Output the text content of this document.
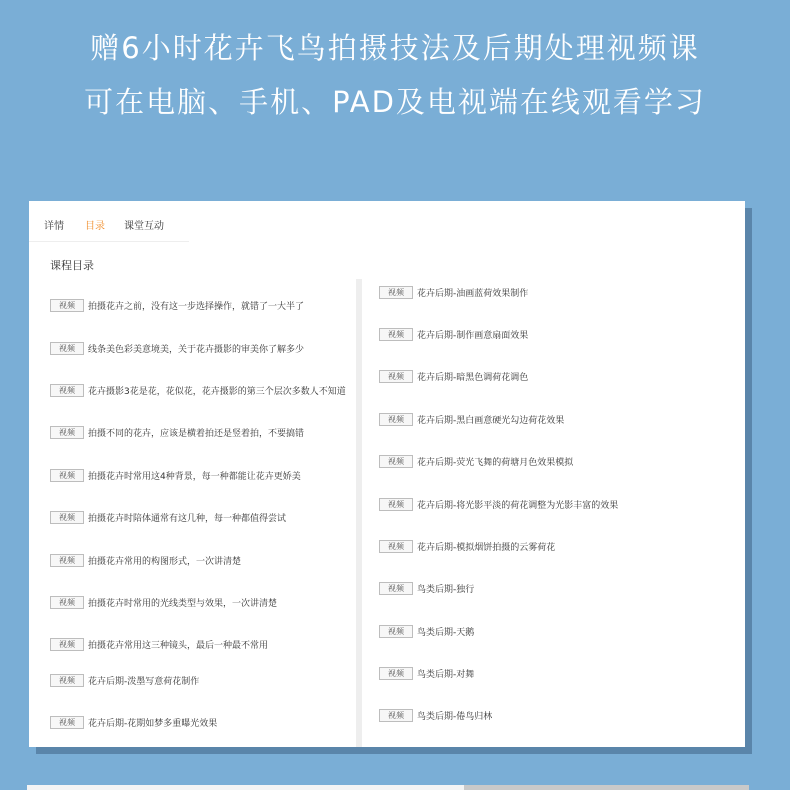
赠6小时花卉飞鸟拍摄技法及后期处理视频课
可在电脑、手机、PAD及电视端在线观看学习
详情 目录 课堂互动
课程目录
视频	拍摄花卉之前，没有这一步选择操作，就错了一大半了
视频	线条美色彩美意境美，关于花卉摄影的审美你了解多少
视频	花卉摄影3花是花，花似花，花卉摄影的第三个层次多数人不知道
视频	拍摄不同的花卉，应该是横着拍还是竖着拍，不要搞错
视频	拍摄花卉时常用这4种背景，每一种都能让花卉更娇美
视频	拍摄花卉时陪体通常有这几种，每一种都值得尝试
视频	拍摄花卉常用的构图形式，一次讲清楚
视频	拍摄花卉时常用的光线类型与效果，一次讲清楚
视频	拍摄花卉常用这三种镜头，最后一种最不常用
视频	花卉后期-泼墨写意荷花制作
视频	花卉后期-花期如梦多重曝光效果
视频	花卉后期-油画蓝荷效果制作
视频	花卉后期-制作画意扇面效果
视频	花卉后期-暗黑色调荷花调色
视频	花卉后期-黑白画意硬光勾边荷花效果
视频	花卉后期-荧光飞舞的荷塘月色效果模拟
视频	花卉后期-将光影平淡的荷花调整为光影丰富的效果
视频	花卉后期-模拟烟饼拍摄的云雾荷花
视频	鸟类后期-独行
视频	鸟类后期-天鹅
视频	鸟类后期-对舞
视频	鸟类后期-倦鸟归林
